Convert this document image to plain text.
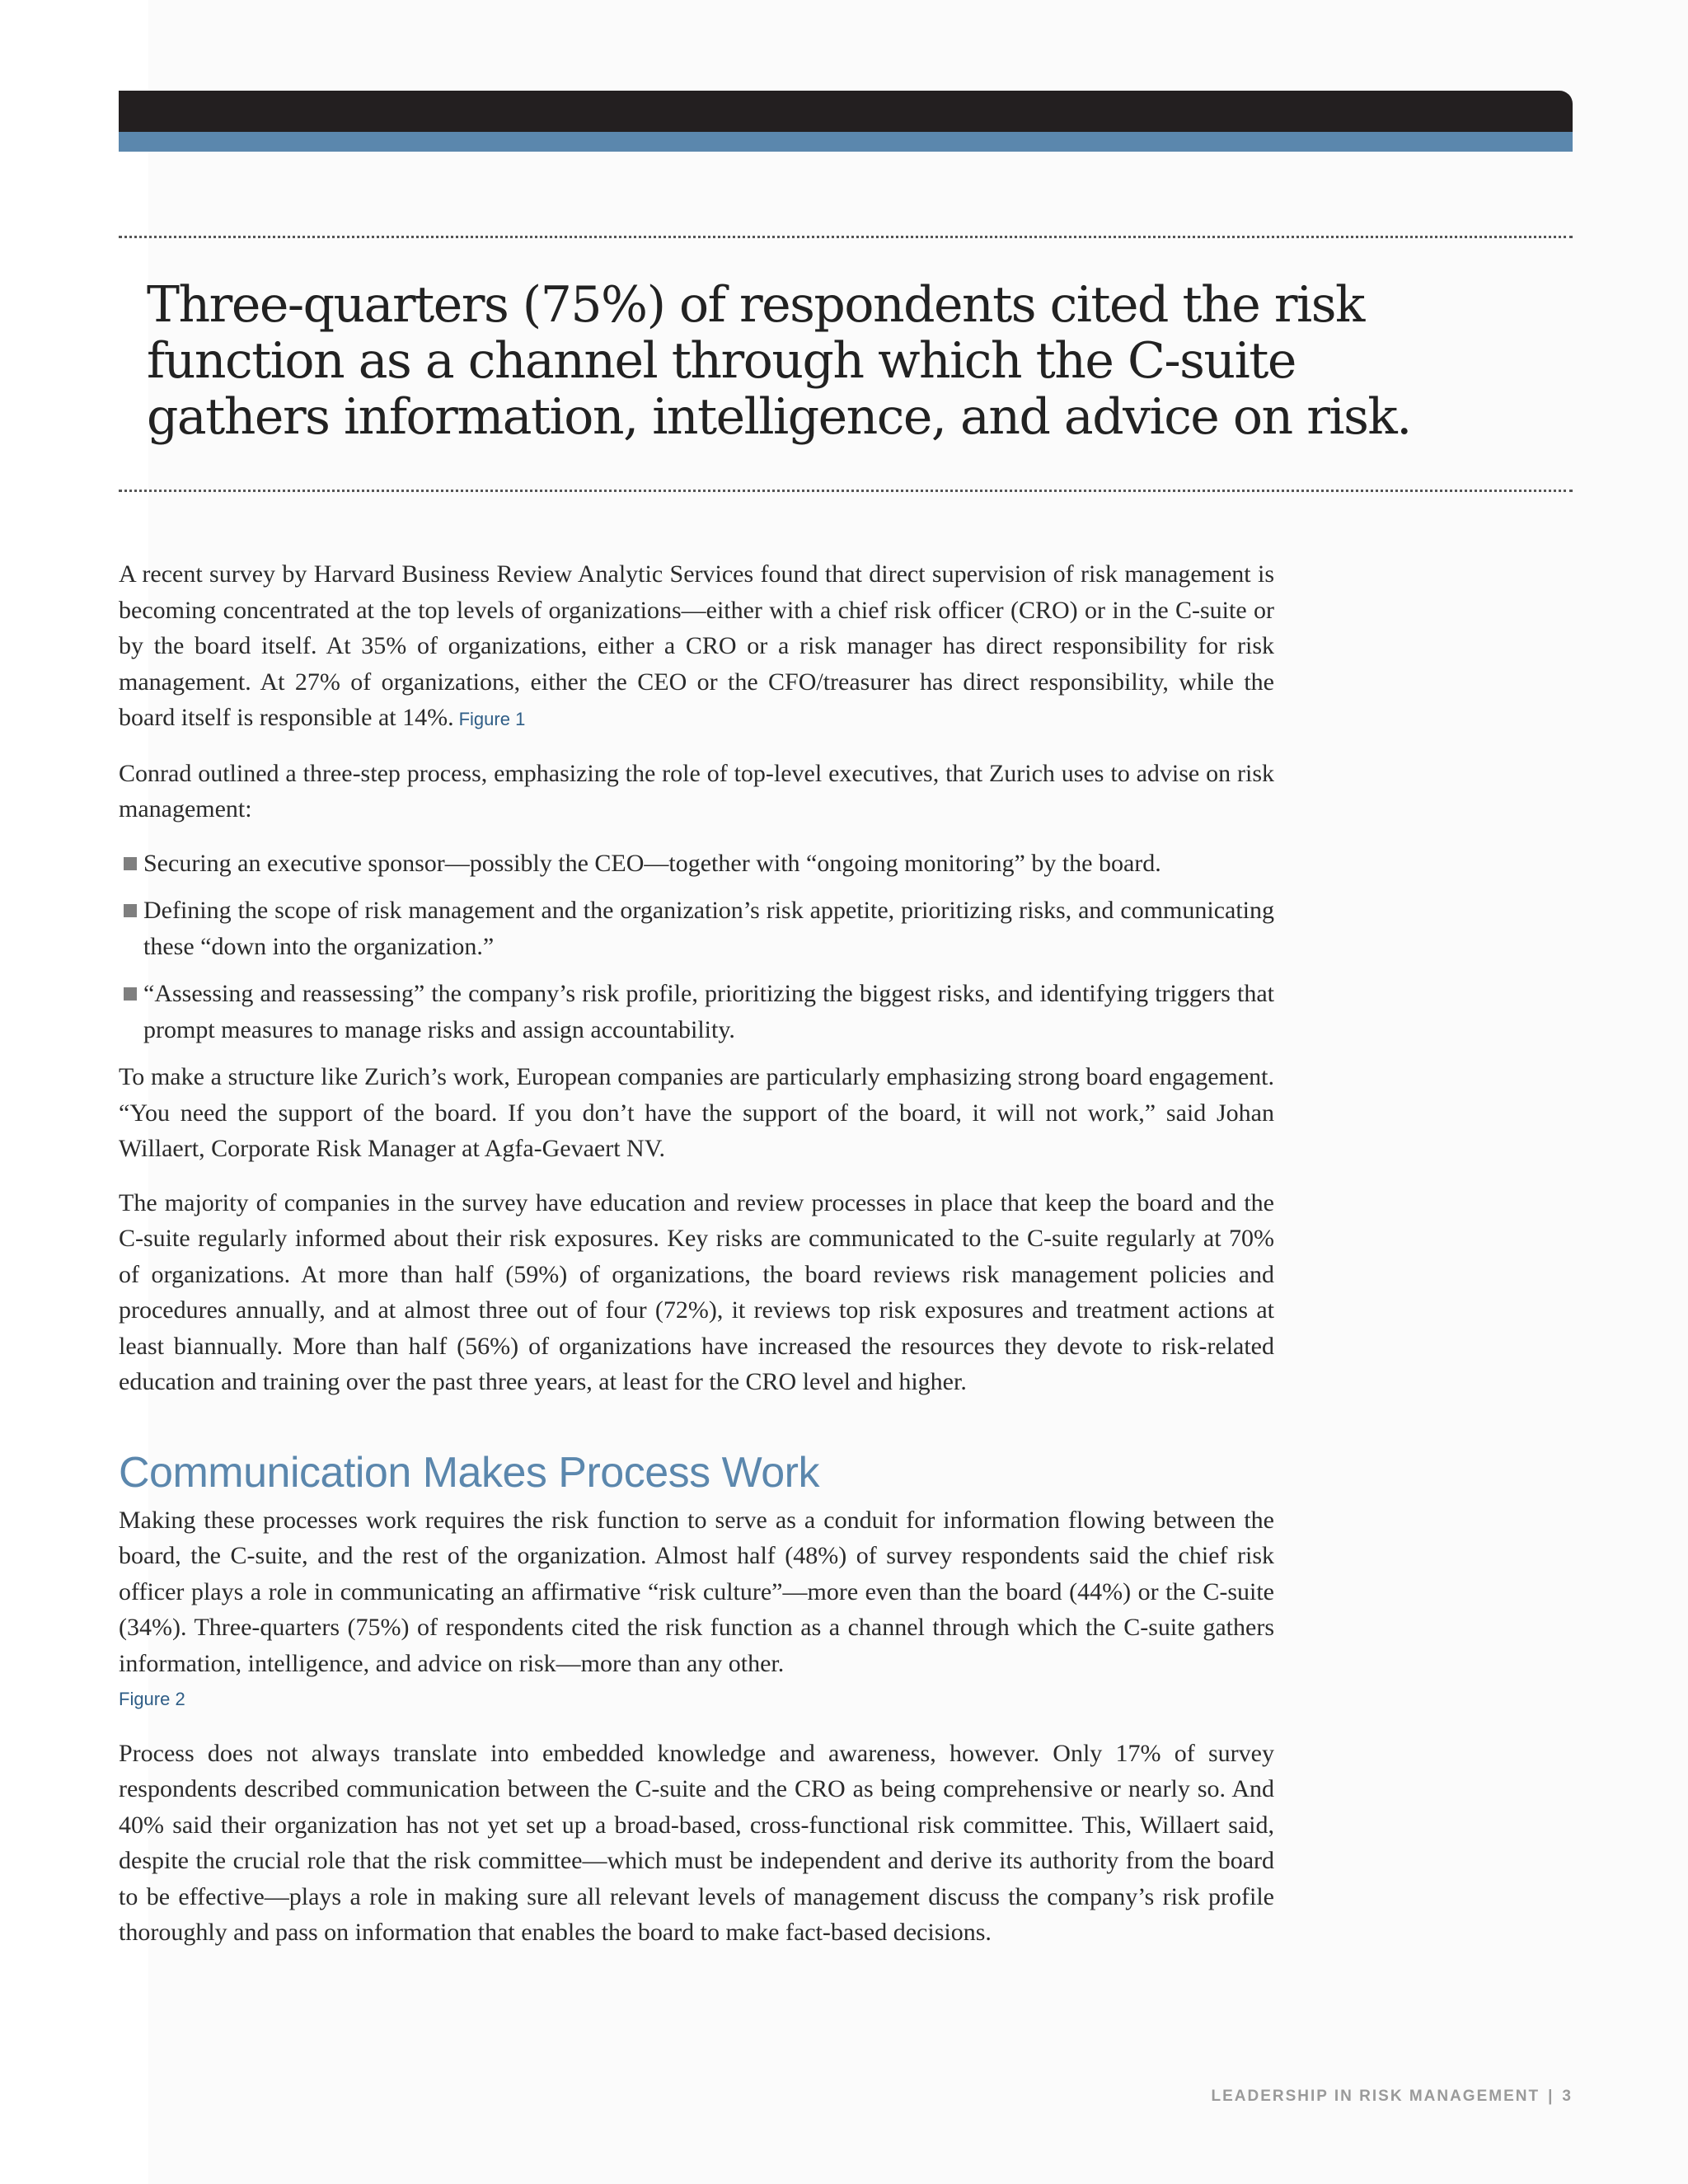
Three-quarters (75%) of respondents cited the risk function as a channel through which the C-suite gathers information, intelligence, and advice on risk.

A recent survey by Harvard Business Review Analytic Services found that direct supervision of risk management is becoming concentrated at the top levels of organizations—either with a chief risk officer (CRO) or in the C-suite or by the board itself. At 35% of organizations, either a CRO or a risk manager has direct responsibility for risk management. At 27% of organizations, either the CEO or the CFO/treasurer has direct responsibility, while the board itself is responsible at 14%. Figure 1

Conrad outlined a three-step process, emphasizing the role of top-level executives, that Zurich uses to advise on risk management:

Securing an executive sponsor—possibly the CEO—together with “ongoing monitoring” by the board.
Defining the scope of risk management and the organization’s risk appetite, prioritizing risks, and communicating these “down into the organization.”
“Assessing and reassessing” the company’s risk profile, prioritizing the biggest risks, and identifying triggers that prompt measures to manage risks and assign accountability.

To make a structure like Zurich’s work, European companies are particularly emphasizing strong board engagement. “You need the support of the board. If you don’t have the support of the board, it will not work,” said Johan Willaert, Corporate Risk Manager at Agfa-Gevaert NV.

The majority of companies in the survey have education and review processes in place that keep the board and the C-suite regularly informed about their risk exposures. Key risks are communicated to the C-suite regularly at 70% of organizations. At more than half (59%) of organizations, the board reviews risk management policies and procedures annually, and at almost three out of four (72%), it reviews top risk exposures and treatment actions at least biannually. More than half (56%) of organizations have increased the resources they devote to risk-related education and training over the past three years, at least for the CRO level and higher.

Communication Makes Process Work

Making these processes work requires the risk function to serve as a conduit for information flowing between the board, the C-suite, and the rest of the organization. Almost half (48%) of survey respondents said the chief risk officer plays a role in communicating an affirmative “risk culture”—more even than the board (44%) or the C-suite (34%). Three-quarters (75%) of respondents cited the risk function as a channel through which the C-suite gathers information, intelligence, and advice on risk—more than any other.
Figure 2

Process does not always translate into embedded knowledge and awareness, however. Only 17% of survey respondents described communication between the C-suite and the CRO as being comprehensive or nearly so. And 40% said their organization has not yet set up a broad-based, cross-functional risk committee. This, Willaert said, despite the crucial role that the risk committee—which must be independent and derive its authority from the board to be effective—plays a role in making sure all relevant levels of management discuss the company’s risk profile thoroughly and pass on information that enables the board to make fact-based decisions.

LEADERSHIP IN RISK MANAGEMENT | 3
